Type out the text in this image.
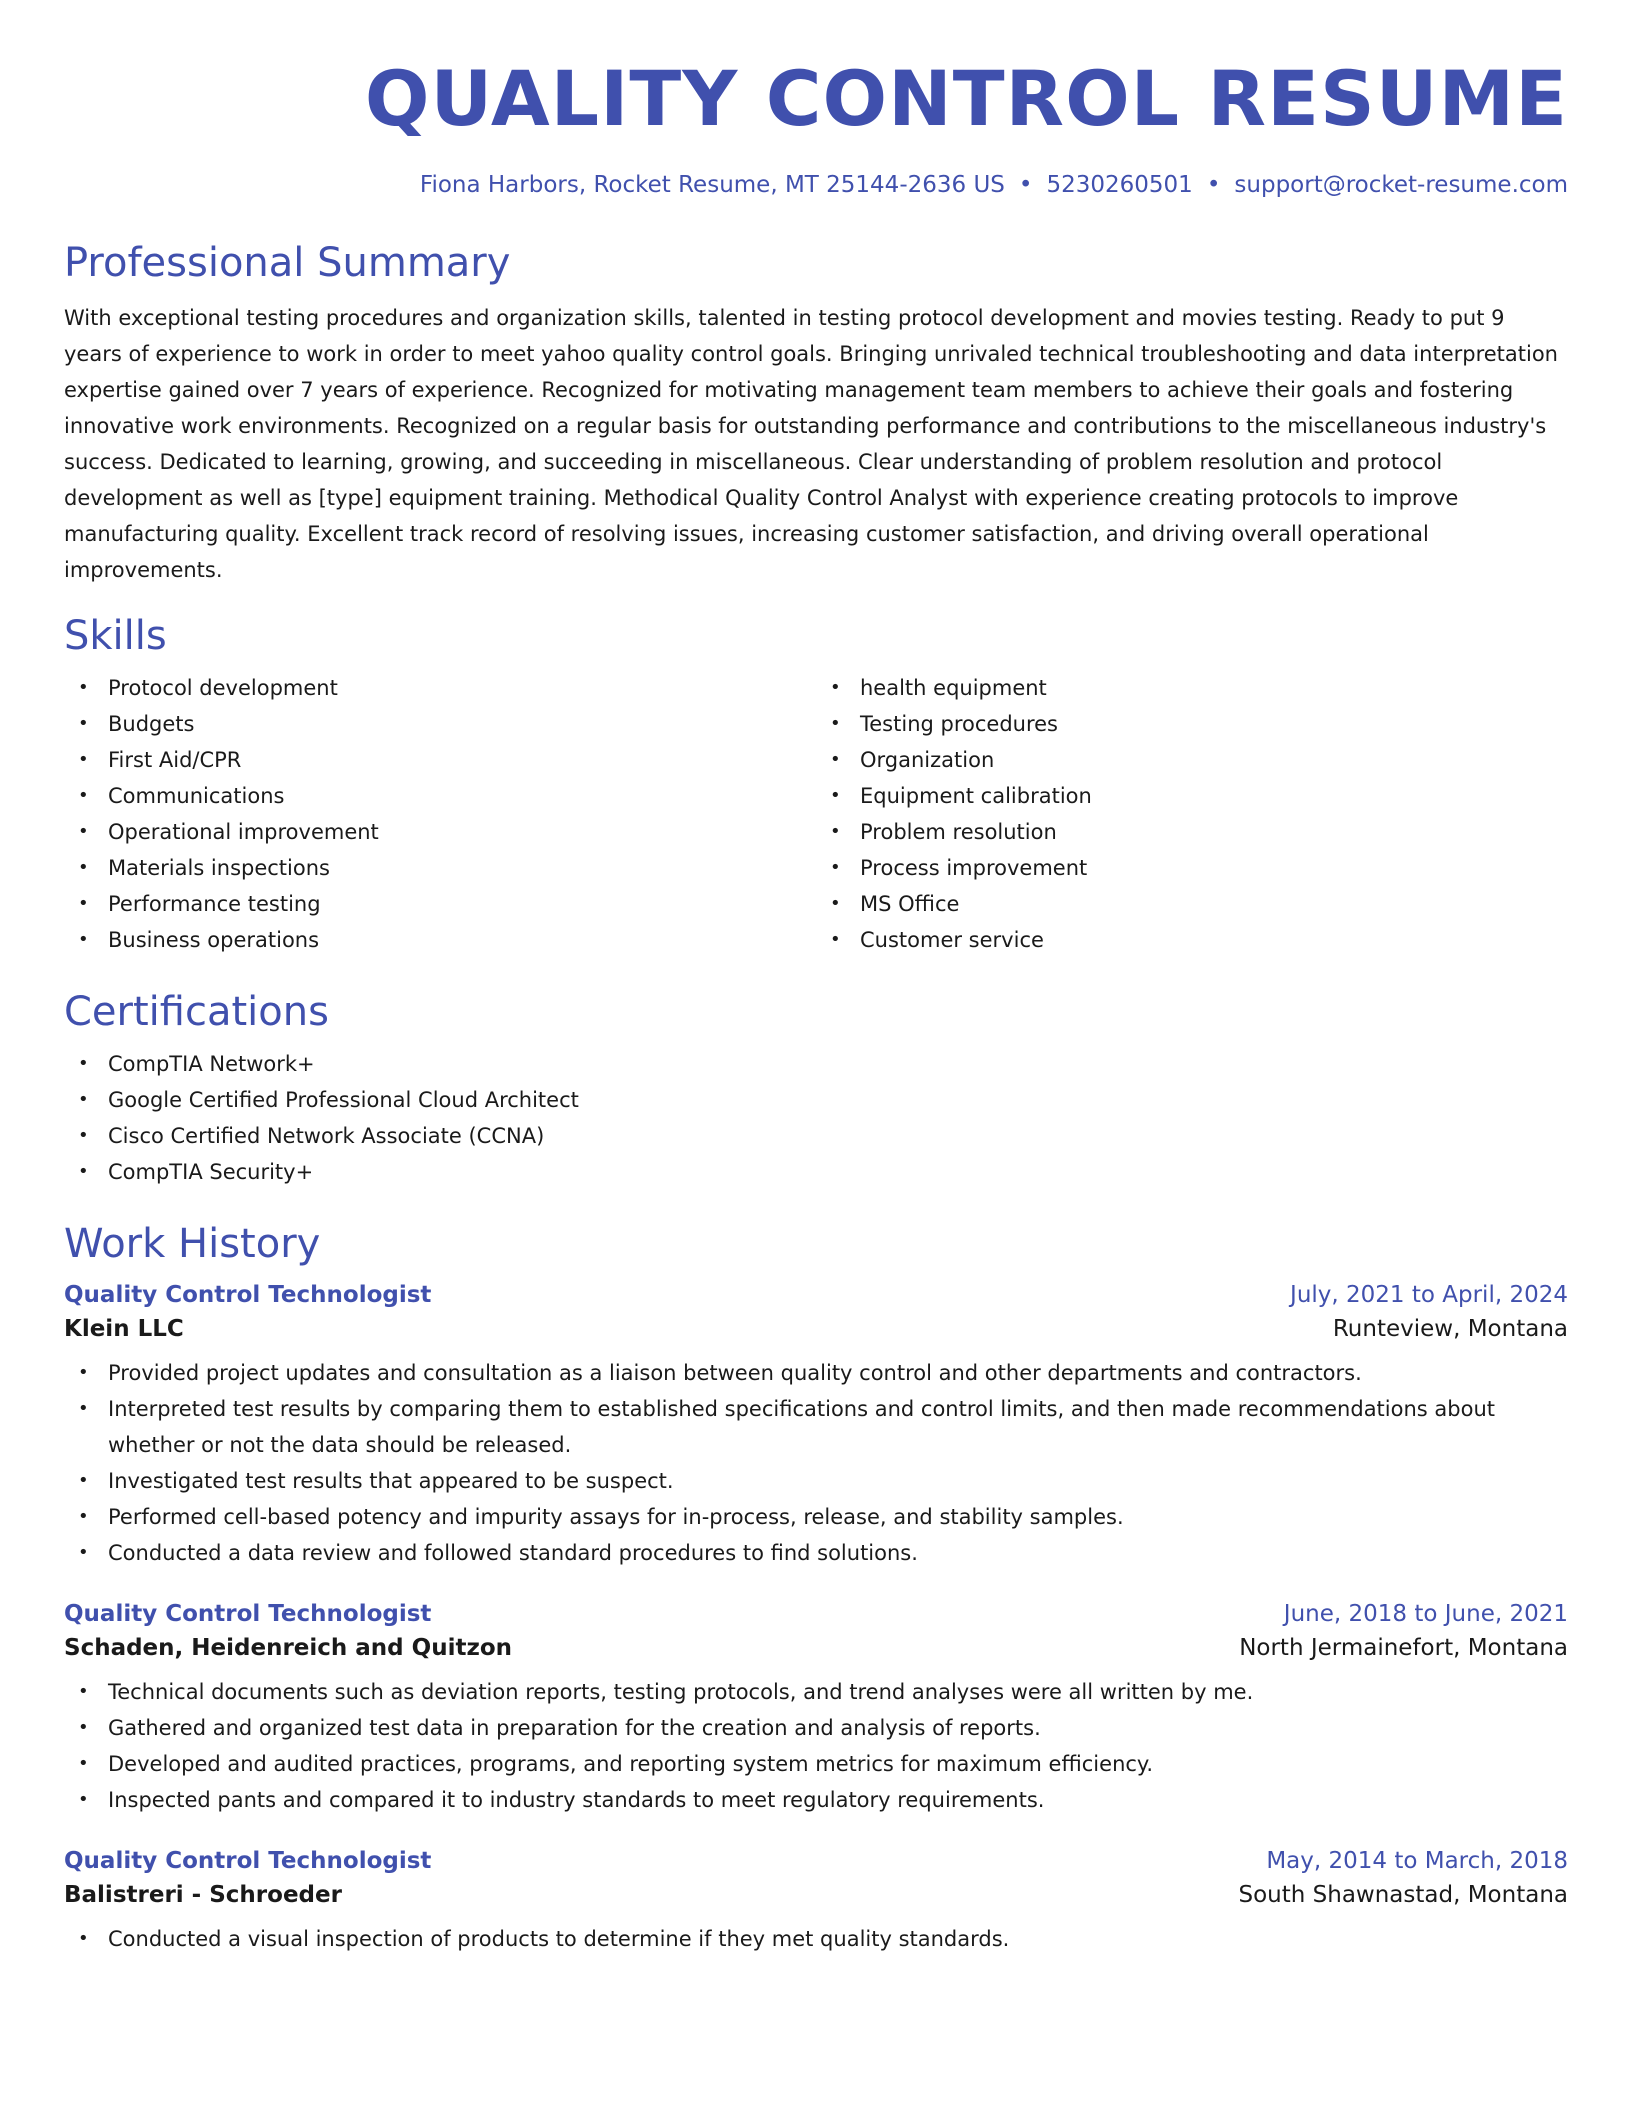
QUALITY CONTROL RESUME
Fiona Harbors, Rocket Resume, MT 25144-2636 US • 5230260501 • support@rocket-resume.com
Professional Summary

With exceptional testing procedures and organization skills, talented in testing protocol development and movies testing. Ready to put 9 years of experience to work in order to meet yahoo quality control goals. Bringing unrivaled technical troubleshooting and data interpretation expertise gained over 7 years of experience. Recognized for motivating management team members to achieve their goals and fostering innovative work environments. Recognized on a regular basis for outstanding performance and contributions to the miscellaneous industry's success. Dedicated to learning, growing, and succeeding in miscellaneous. Clear understanding of problem resolution and protocol development as well as [type] equipment training. Methodical Quality Control Analyst with experience creating protocols to improve manufacturing quality. Excellent track record of resolving issues, increasing customer satisfaction, and driving overall operational improvements.

Skills
• Protocol development
• Budgets
• First Aid/CPR
• Communications
• Operational improvement
• Materials inspections
• Performance testing
• Business operations
• health equipment
• Testing procedures
• Organization
• Equipment calibration
• Problem resolution
• Process improvement
• MS Office
• Customer service
Certifications
• CompTIA Network+
• Google Certified Professional Cloud Architect
• Cisco Certified Network Associate (CCNA)
• CompTIA Security+
Work History
Quality Control Technologist	July, 2021 to April, 2024
Klein LLC	Runteview, Montana
• Provided project updates and consultation as a liaison between quality control and other departments and contractors.
• Interpreted test results by comparing them to established specifications and control limits, and then made recommendations about whether or not the data should be released.
• Investigated test results that appeared to be suspect.
• Performed cell-based potency and impurity assays for in-process, release, and stability samples.
• Conducted a data review and followed standard procedures to find solutions.
Quality Control Technologist	June, 2018 to June, 2021
Schaden, Heidenreich and Quitzon	North Jermainefort, Montana
• Technical documents such as deviation reports, testing protocols, and trend analyses were all written by me.
• Gathered and organized test data in preparation for the creation and analysis of reports.
• Developed and audited practices, programs, and reporting system metrics for maximum efficiency.
• Inspected pants and compared it to industry standards to meet regulatory requirements.
Quality Control Technologist	May, 2014 to March, 2018
Balistreri - Schroeder	South Shawnastad, Montana
• Conducted a visual inspection of products to determine if they met quality standards.
